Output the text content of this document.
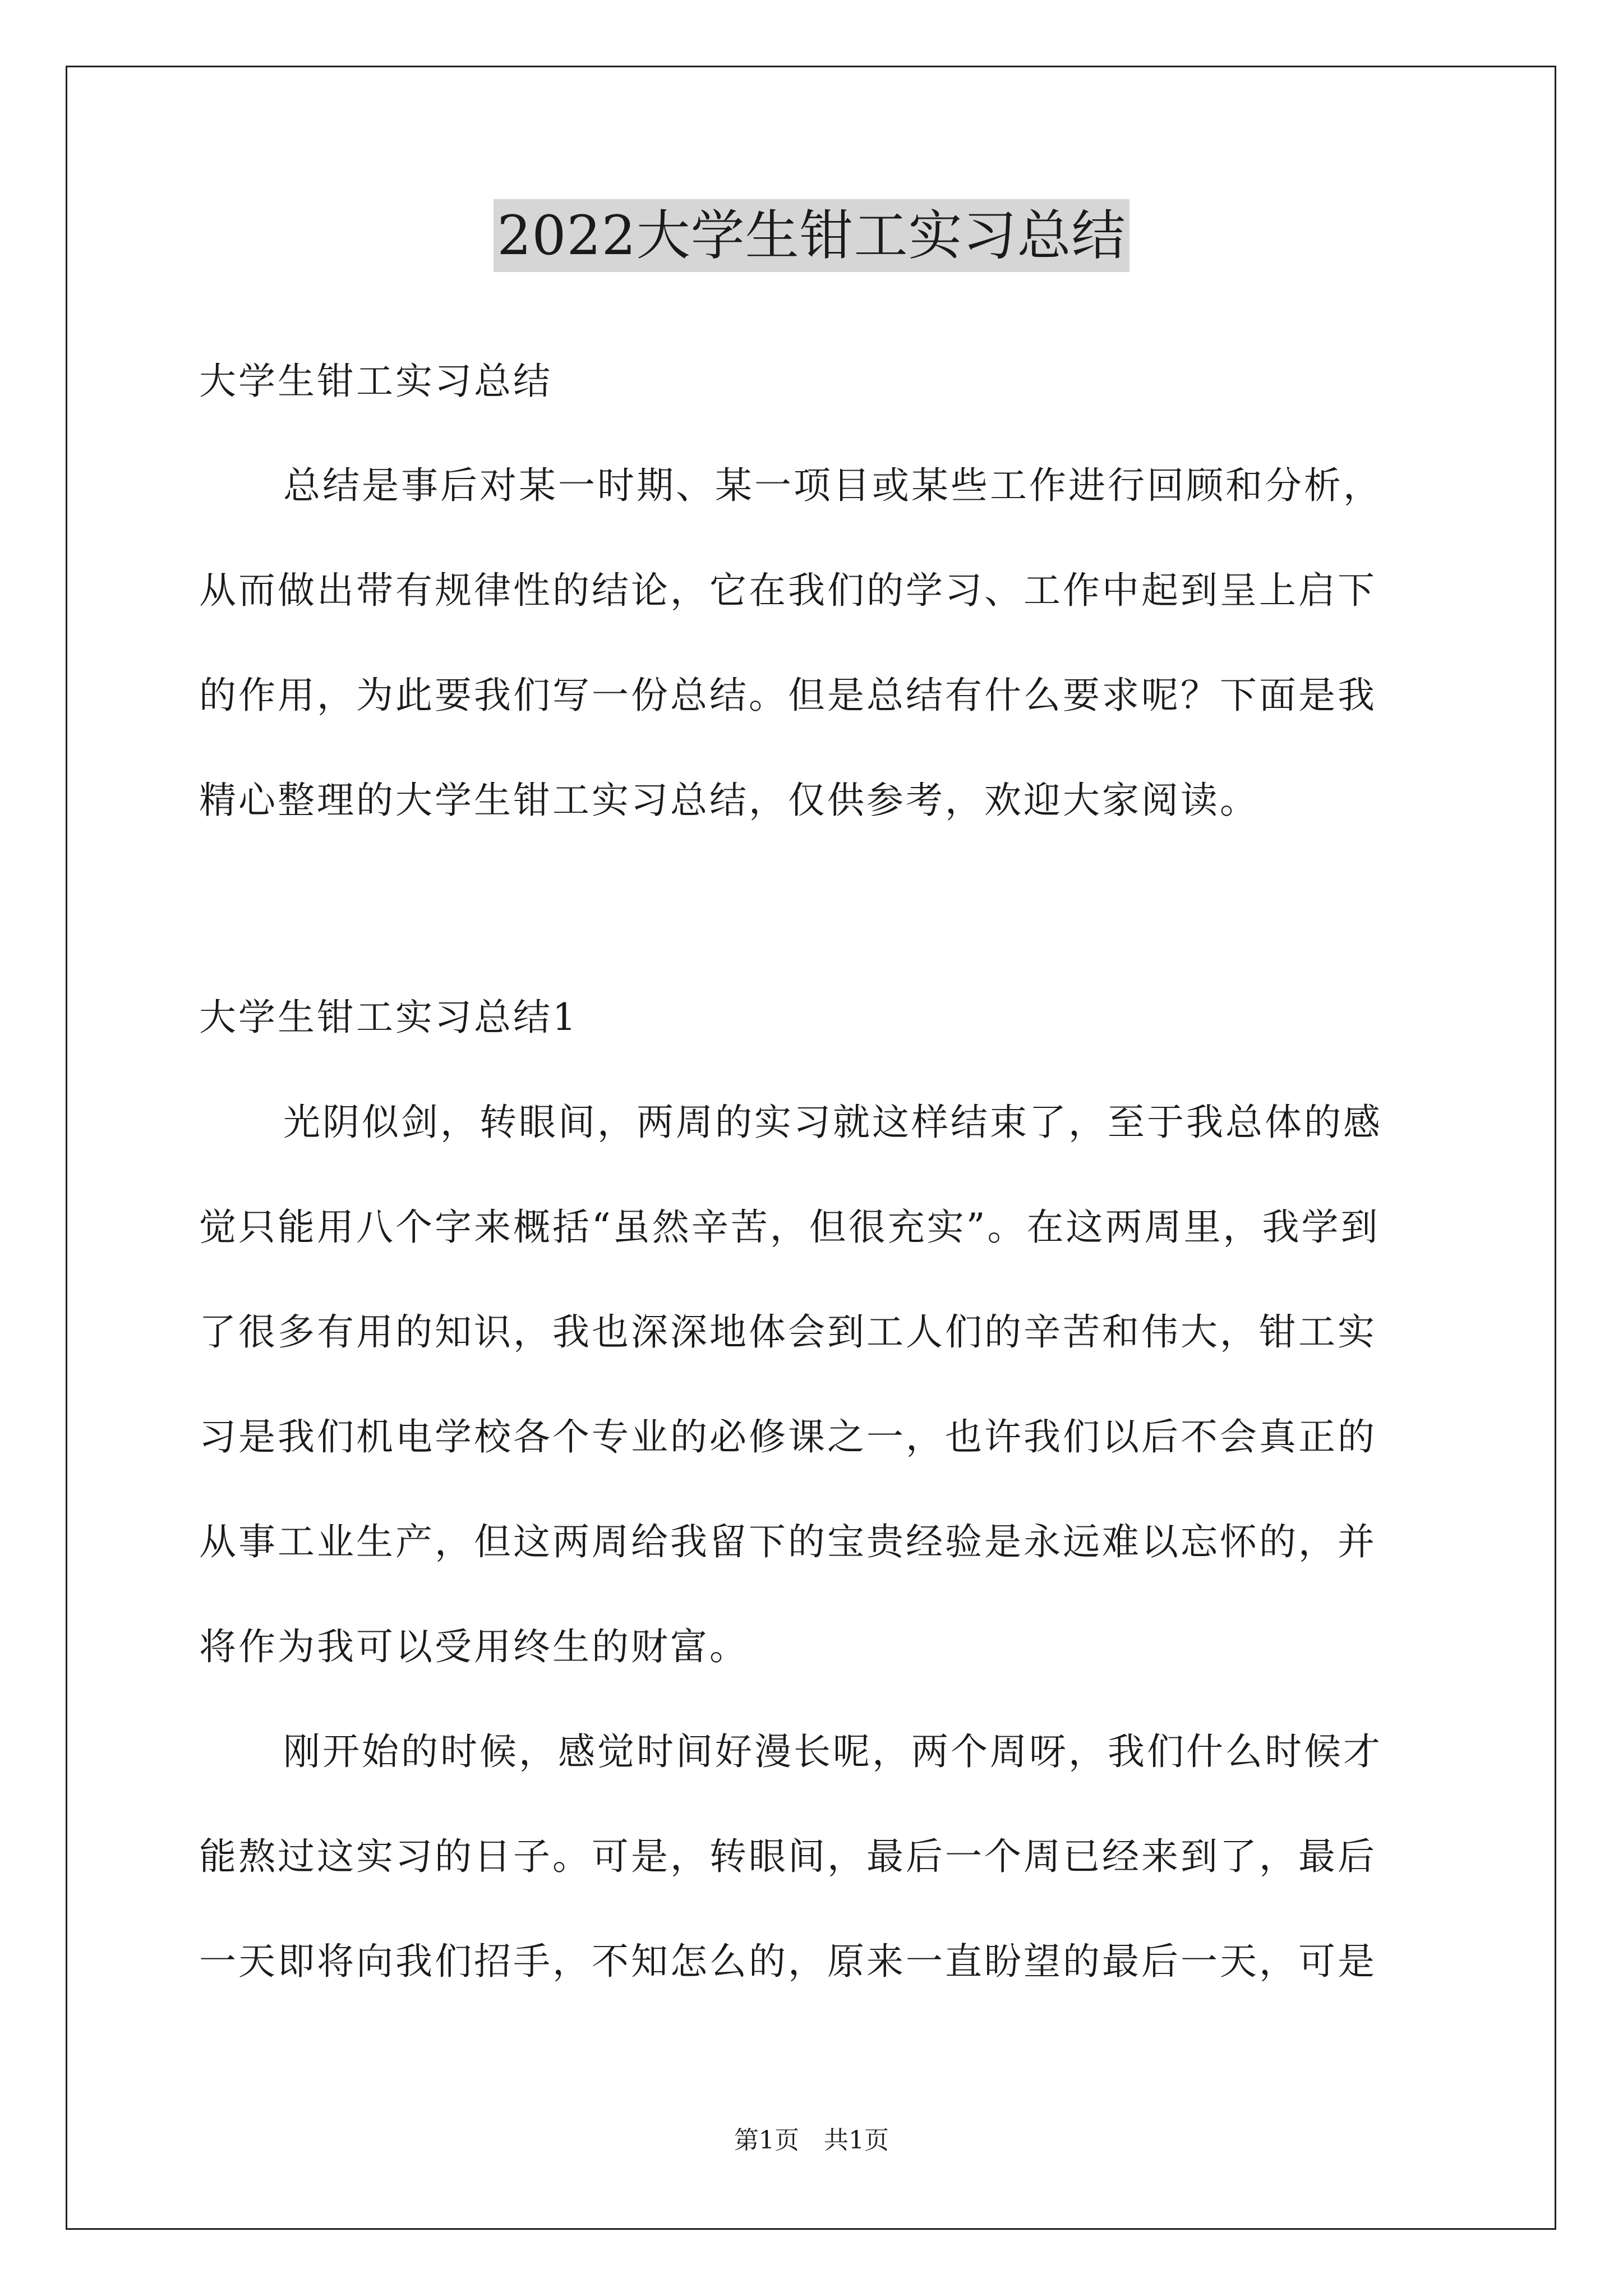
2022大学生钳工实习总结
大学生钳工实习总结
总结是事后对某一时期、某一项目或某些工作进行回顾和分析，
从而做出带有规律性的结论，它在我们的学习、工作中起到呈上启下
的作用，为此要我们写一份总结。但是总结有什么要求呢？下面是我
精心整理的大学生钳工实习总结，仅供参考，欢迎大家阅读。
大学生钳工实习总结1
光阴似剑，转眼间，两周的实习就这样结束了，至于我总体的感
觉只能用八个字来概括“虽然辛苦，但很充实”。在这两周里，我学到
了很多有用的知识，我也深深地体会到工人们的辛苦和伟大，钳工实
习是我们机电学校各个专业的必修课之一，也许我们以后不会真正的
从事工业生产，但这两周给我留下的宝贵经验是永远难以忘怀的，并
将作为我可以受用终生的财富。
刚开始的时候，感觉时间好漫长呢，两个周呀，我们什么时候才
能熬过这实习的日子。可是，转眼间，最后一个周已经来到了，最后
一天即将向我们招手，不知怎么的，原来一直盼望的最后一天，可是
第1页　共1页
